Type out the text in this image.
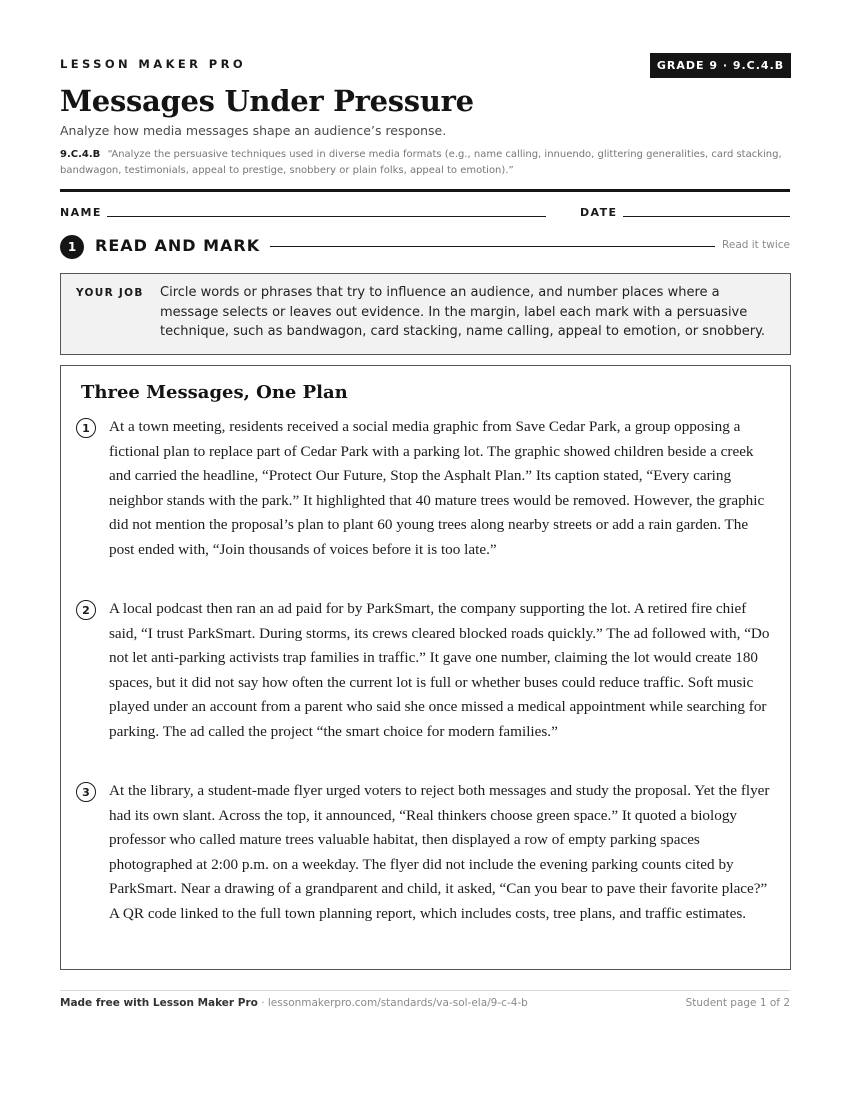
LESSON MAKER PRO	GRADE 9 · 9.C.4.B
Messages Under Pressure
Analyze how media messages shape an audience’s response.
9.C.4.B “Analyze the persuasive techniques used in diverse media formats (e.g., name calling, innuendo, glittering generalities, card stacking, bandwagon, testimonials, appeal to prestige, snobbery or plain folks, appeal to emotion).”
NAME	DATE
1	READ AND MARK	Read it twice
YOUR JOB Circle words or phrases that try to influence an audience, and number places where a message selects or leaves out evidence. In the margin, label each mark with a persuasive technique, such as bandwagon, card stacking, name calling, appeal to emotion, or snobbery.
Three Messages, One Plan
1	At a town meeting, residents received a social media graphic from Save Cedar Park, a group opposing a fictional plan to replace part of Cedar Park with a parking lot. The graphic showed children beside a creek and carried the headline, “Protect Our Future, Stop the Asphalt Plan.” Its caption stated, “Every caring neighbor stands with the park.” It highlighted that 40 mature trees would be removed. However, the graphic did not mention the proposal’s plan to plant 60 young trees along nearby streets or add a rain garden. The post ended with, “Join thousands of voices before it is too late.”
2	A local podcast then ran an ad paid for by ParkSmart, the company supporting the lot. A retired fire chief said, “I trust ParkSmart. During storms, its crews cleared blocked roads quickly.” The ad followed with, “Do not let anti-parking activists trap families in traffic.” It gave one number, claiming the lot would create 180 spaces, but it did not say how often the current lot is full or whether buses could reduce traffic. Soft music played under an account from a parent who said she once missed a medical appointment while searching for parking. The ad called the project “the smart choice for modern families.”
3	At the library, a student-made flyer urged voters to reject both messages and study the proposal. Yet the flyer had its own slant. Across the top, it announced, “Real thinkers choose green space.” It quoted a biology professor who called mature trees valuable habitat, then displayed a row of empty parking spaces photographed at 2:00 p.m. on a weekday. The flyer did not include the evening parking counts cited by ParkSmart. Near a drawing of a grandparent and child, it asked, “Can you bear to pave their favorite place?” A QR code linked to the full town planning report, which includes costs, tree plans, and traffic estimates.
Made free with Lesson Maker Pro · lessonmakerpro.com/standards/va-sol-ela/9-c-4-b	Student page 1 of 2
